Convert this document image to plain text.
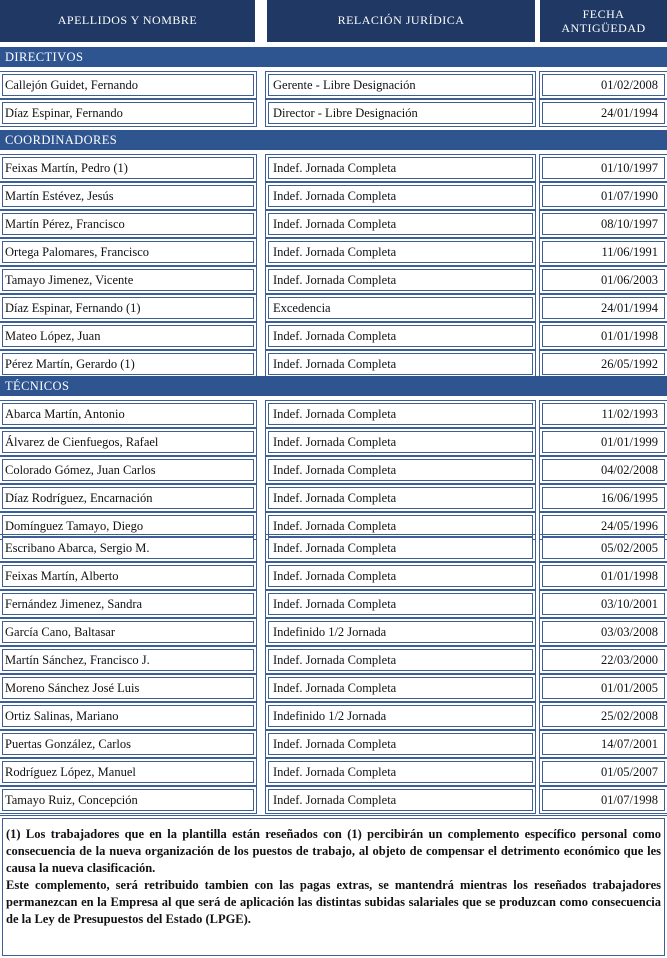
APELLIDOS Y NOMBRE	RELACIÓN JURÍDICA	FECHA
ANTIGÜEDAD
DIRECTIVOS
Callejón Guidet, Fernando	Gerente - Libre Designación	01/02/2008
Díaz Espinar, Fernando	Director - Libre Designación	24/01/1994
COORDINADORES
Feixas Martín, Pedro (1)	Indef. Jornada Completa	01/10/1997
Martín Estévez, Jesús	Indef. Jornada Completa	01/07/1990
Martín Pérez, Francisco	Indef. Jornada Completa	08/10/1997
Ortega Palomares, Francisco	Indef. Jornada Completa	11/06/1991
Tamayo Jimenez, Vicente	Indef. Jornada Completa	01/06/2003
Díaz Espinar, Fernando (1)	Excedencia	24/01/1994
Mateo López, Juan	Indef. Jornada Completa	01/01/1998
Pérez Martín, Gerardo (1)	Indef. Jornada Completa	26/05/1992
TÉCNICOS
Abarca Martín, Antonio	Indef. Jornada Completa	11/02/1993
Álvarez de Cienfuegos, Rafael	Indef. Jornada Completa	01/01/1999
Colorado Gómez, Juan Carlos	Indef. Jornada Completa	04/02/2008
Díaz Rodríguez, Encarnación	Indef. Jornada Completa	16/06/1995
Domínguez Tamayo, Diego	Indef. Jornada Completa	24/05/1996
Escribano Abarca, Sergio M.	Indef. Jornada Completa	05/02/2005
Feixas Martín, Alberto	Indef. Jornada Completa	01/01/1998
Fernández Jimenez, Sandra	Indef. Jornada Completa	03/10/2001
García Cano, Baltasar	Indefinido 1/2 Jornada	03/03/2008
Martín Sánchez, Francisco J.	Indef. Jornada Completa	22/03/2000
Moreno Sánchez José Luis	Indef. Jornada Completa	01/01/2005
Ortiz Salinas, Mariano	Indefinido 1/2 Jornada	25/02/2008
Puertas González, Carlos	Indef. Jornada Completa	14/07/2001
Rodríguez López, Manuel	Indef. Jornada Completa	01/05/2007
Tamayo Ruiz, Concepción	Indef. Jornada Completa	01/07/1998

(1) Los trabajadores que en la plantilla están reseñados con (1) percibirán un complemento específico personal como consecuencia de la nueva organización de los puestos de trabajo, al objeto de compensar el detrimento económico que les causa la nueva clasificación.

Este complemento, será retribuido tambien con las pagas extras, se mantendrá mientras los reseñados trabajadores permanezcan en la Empresa al que será de aplicación las distintas subidas salariales que se produzcan como consecuencia de la Ley de Presupuestos del Estado (LPGE).
